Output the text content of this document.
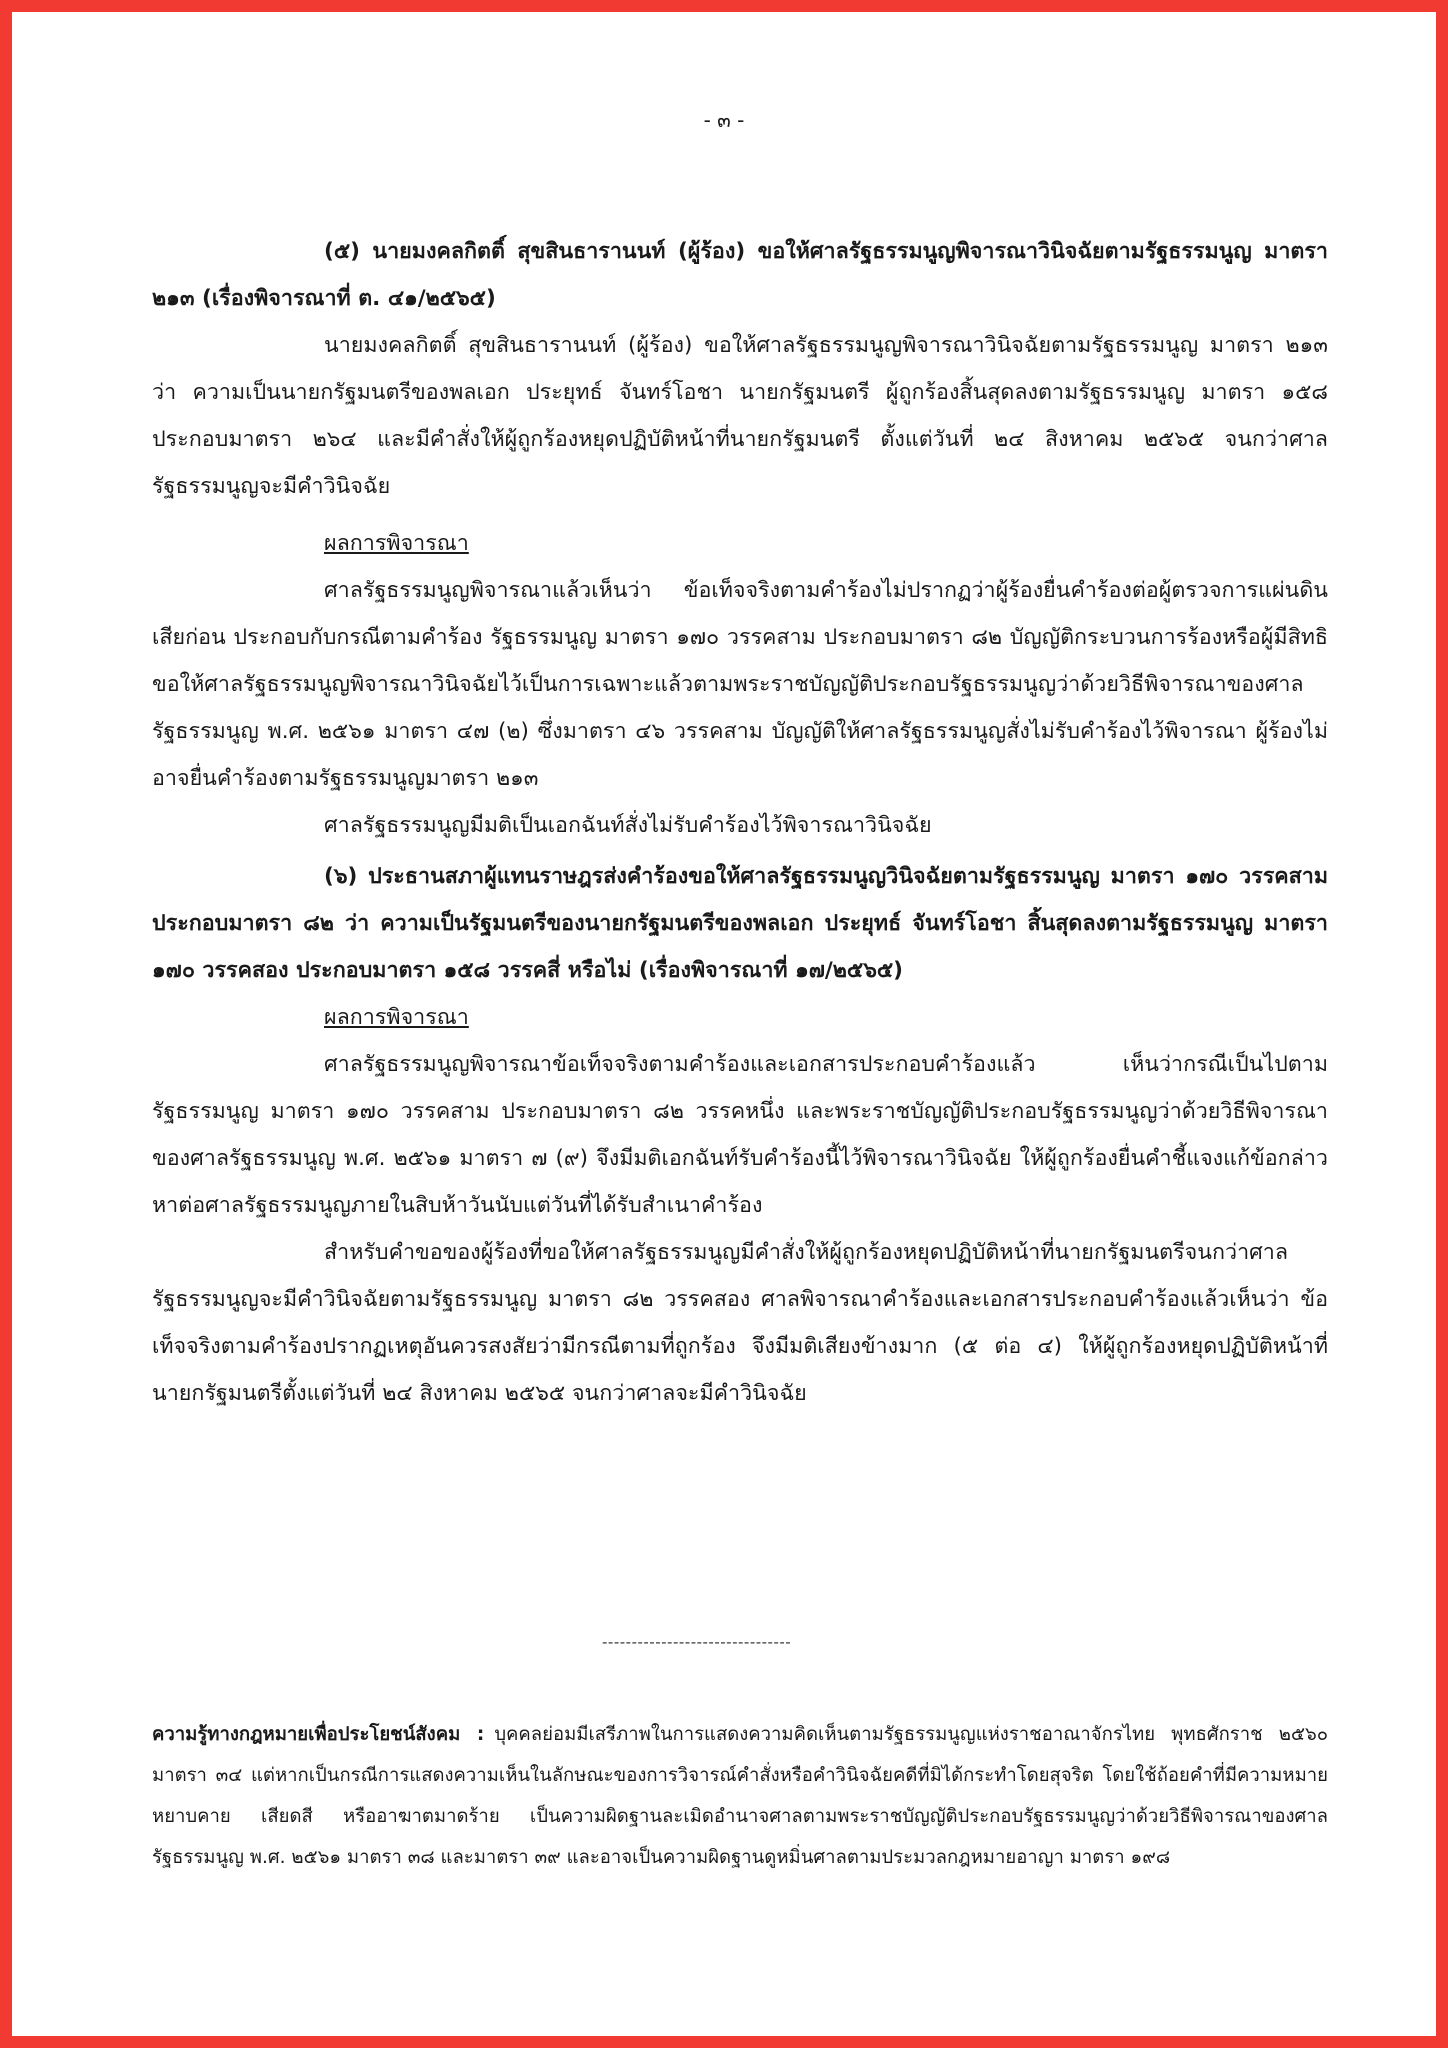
- ๓ -

(๕) นายมงคลกิตติ์ สุขสินธารานนท์ (ผู้ร้อง) ขอให้ศาลรัฐธรรมนูญพิจารณาวินิจฉัยตามรัฐธรรมนูญ มาตรา ๒๑๓ (เรื่องพิจารณาที่ ต. ๔๑/๒๕๖๕)

นายมงคลกิตติ์ สุขสินธารานนท์ (ผู้ร้อง) ขอให้ศาลรัฐธรรมนูญพิจารณาวินิจฉัยตามรัฐธรรมนูญ มาตรา ๒๑๓ ว่า ความเป็นนายกรัฐมนตรีของพลเอก ประยุทธ์ จันทร์โอชา นายกรัฐมนตรี ผู้ถูกร้องสิ้นสุดลงตามรัฐธรรมนูญ มาตรา ๑๕๘ ประกอบมาตรา ๒๖๔ และมีคำสั่งให้ผู้ถูกร้องหยุดปฏิบัติหน้าที่นายกรัฐมนตรี ตั้งแต่วันที่ ๒๔ สิงหาคม ๒๕๖๕ จนกว่าศาลรัฐธรรมนูญจะมีคำวินิจฉัย

ผลการพิจารณา

ศาลรัฐธรรมนูญพิจารณาแล้วเห็นว่า ข้อเท็จจริงตามคำร้องไม่ปรากฏว่าผู้ร้องยื่นคำร้องต่อผู้ตรวจการแผ่นดินเสียก่อน ประกอบกับกรณีตามคำร้อง รัฐธรรมนูญ มาตรา ๑๗๐ วรรคสาม ประกอบมาตรา ๘๒ บัญญัติกระบวนการร้องหรือผู้มีสิทธิขอให้ศาลรัฐธรรมนูญพิจารณาวินิจฉัยไว้เป็นการเฉพาะแล้วตามพระราชบัญญัติประกอบรัฐธรรมนูญว่าด้วยวิธีพิจารณาของศาลรัฐธรรมนูญ พ.ศ. ๒๕๖๑ มาตรา ๔๗ (๒) ซึ่งมาตรา ๔๖ วรรคสาม บัญญัติให้ศาลรัฐธรรมนูญสั่งไม่รับคำร้องไว้พิจารณา ผู้ร้องไม่อาจยื่นคำร้องตามรัฐธรรมนูญมาตรา ๒๑๓

ศาลรัฐธรรมนูญมีมติเป็นเอกฉันท์สั่งไม่รับคำร้องไว้พิจารณาวินิจฉัย

(๖) ประธานสภาผู้แทนราษฎรส่งคำร้องขอให้ศาลรัฐธรรมนูญวินิจฉัยตามรัฐธรรมนูญ มาตรา ๑๗๐ วรรคสาม ประกอบมาตรา ๘๒ ว่า ความเป็นรัฐมนตรีของนายกรัฐมนตรีของพลเอก ประยุทธ์ จันทร์โอชา สิ้นสุดลงตามรัฐธรรมนูญ มาตรา ๑๗๐ วรรคสอง ประกอบมาตรา ๑๕๘ วรรคสี่ หรือไม่ (เรื่องพิจารณาที่ ๑๗/๒๕๖๕)

ผลการพิจารณา

ศาลรัฐธรรมนูญพิจารณาข้อเท็จจริงตามคำร้องและเอกสารประกอบคำร้องแล้ว เห็นว่ากรณีเป็นไปตามรัฐธรรมนูญ มาตรา ๑๗๐ วรรคสาม ประกอบมาตรา ๘๒ วรรคหนึ่ง และพระราชบัญญัติประกอบรัฐธรรมนูญว่าด้วยวิธีพิจารณาของศาลรัฐธรรมนูญ พ.ศ. ๒๕๖๑ มาตรา ๗ (๙) จึงมีมติเอกฉันท์รับคำร้องนี้ไว้พิจารณาวินิจฉัย ให้ผู้ถูกร้องยื่นคำชี้แจงแก้ข้อกล่าวหาต่อศาลรัฐธรรมนูญภายในสิบห้าวันนับแต่วันที่ได้รับสำเนาคำร้อง

สำหรับคำขอของผู้ร้องที่ขอให้ศาลรัฐธรรมนูญมีคำสั่งให้ผู้ถูกร้องหยุดปฏิบัติหน้าที่นายกรัฐมนตรีจนกว่าศาลรัฐธรรมนูญจะมีคำวินิจฉัยตามรัฐธรรมนูญ มาตรา ๘๒ วรรคสอง ศาลพิจารณาคำร้องและเอกสารประกอบคำร้องแล้วเห็นว่า ข้อเท็จจริงตามคำร้องปรากฏเหตุอันควรสงสัยว่ามีกรณีตามที่ถูกร้อง จึงมีมติเสียงข้างมาก (๕ ต่อ ๔) ให้ผู้ถูกร้องหยุดปฏิบัติหน้าที่นายกรัฐมนตรีตั้งแต่วันที่ ๒๔ สิงหาคม ๒๕๖๕ จนกว่าศาลจะมีคำวินิจฉัย

--------------------------------

ความรู้ทางกฎหมายเพื่อประโยชน์สังคม : บุคคลย่อมมีเสรีภาพในการแสดงความคิดเห็นตามรัฐธรรมนูญแห่งราชอาณาจักรไทย พุทธศักราช ๒๕๖๐ มาตรา ๓๔ แต่หากเป็นกรณีการแสดงความเห็นในลักษณะของการวิจารณ์คำสั่งหรือคำวินิจฉัยคดีที่มิได้กระทำโดยสุจริต โดยใช้ถ้อยคำที่มีความหมายหยาบคาย เสียดสี หรืออาฆาตมาดร้าย เป็นความผิดฐานละเมิดอำนาจศาลตามพระราชบัญญัติประกอบรัฐธรรมนูญว่าด้วยวิธีพิจารณาของศาลรัฐธรรมนูญ พ.ศ. ๒๕๖๑ มาตรา ๓๘ และมาตรา ๓๙ และอาจเป็นความผิดฐานดูหมิ่นศาลตามประมวลกฎหมายอาญา มาตรา ๑๙๘
